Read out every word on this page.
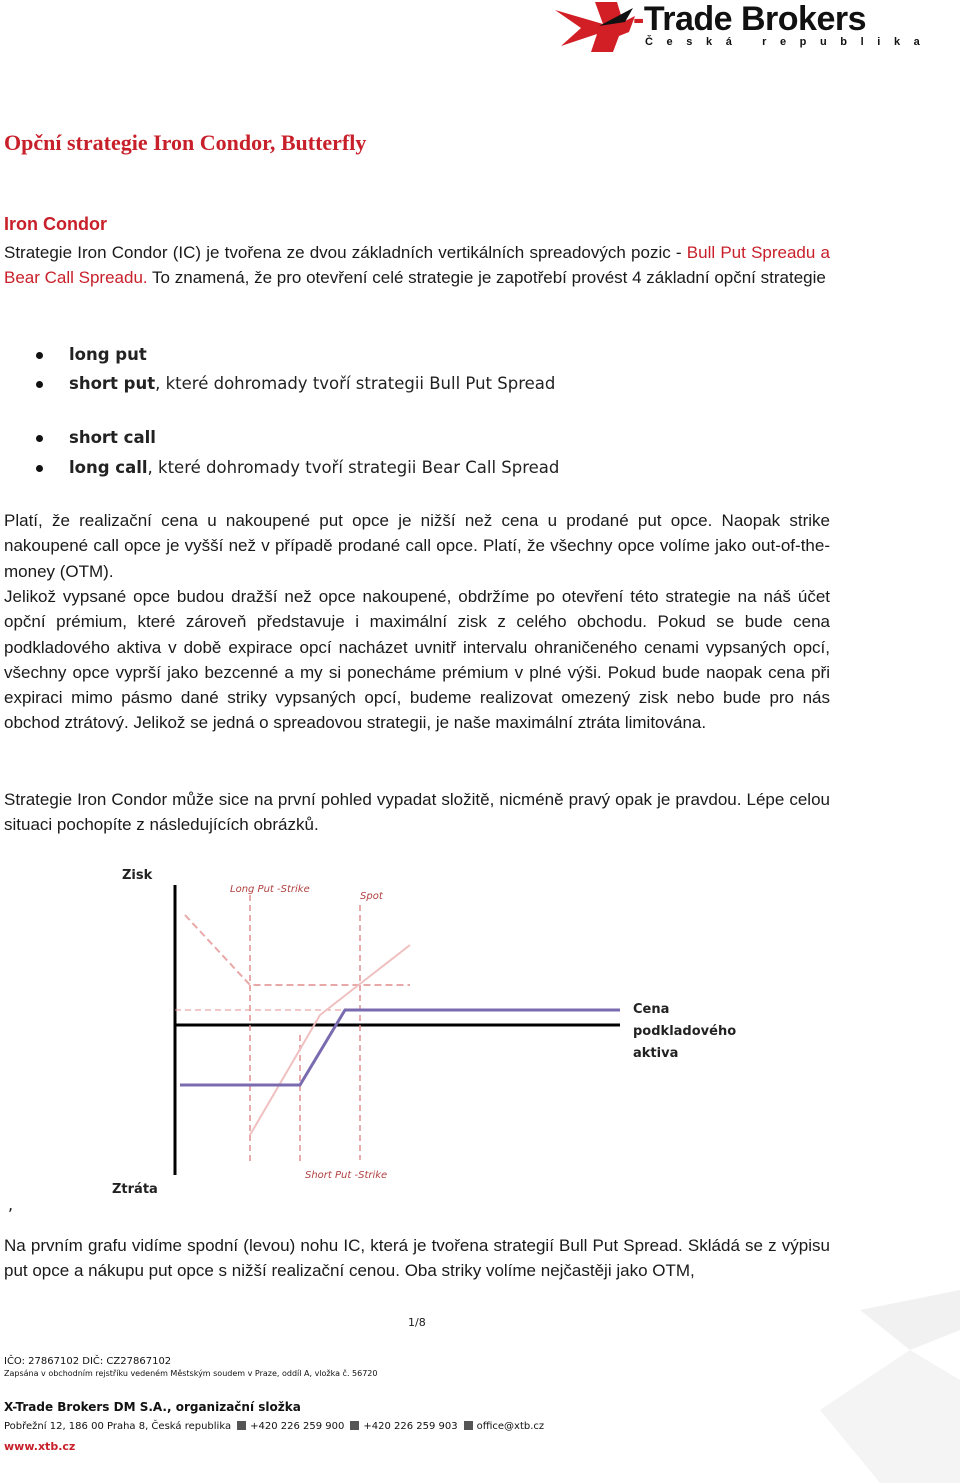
-Trade Brokers
Česká republika
Opční strategie Iron Condor, Butterfly
Iron Condor

Strategie Iron Condor (IC) je tvořena ze dvou základních vertikálních spreadových pozic - Bull Put Spreadu a Bear Call Spreadu. To znamená, že pro otevření celé strategie je zapotřebí provést 4 základní opční strategie

long put
short put, které dohromady tvoří strategii Bull Put Spread
short call
long call, které dohromady tvoří strategii Bear Call Spread

Platí, že realizační cena u nakoupené put opce je nižší než cena u prodané put opce. Naopak strike nakoupené call opce je vyšší než v případě prodané call opce. Platí, že všechny opce volíme jako out-of-the-money (OTM).

Jelikož vypsané opce budou dražší než opce nakoupené, obdržíme po otevření této strategie na náš účet opční prémium, které zároveň představuje i maximální zisk z celého obchodu. Pokud se bude cena podkladového aktiva v době expirace opcí nacházet uvnitř intervalu ohraničeného cenami vypsaných opcí, všechny opce vyprší jako bezcenné a my si ponecháme prémium v plné výši. Pokud bude naopak cena při expiraci mimo pásmo dané striky vypsaných opcí, budeme realizovat omezený zisk nebo bude pro nás obchod ztrátový. Jelikož se jedná o spreadovou strategii, je naše maximální ztráta limitována.

Strategie Iron Condor může sice na první pohled vypadat složitě, nicméně pravý opak je pravdou. Lépe celou situaci pochopíte z následujících obrázků.

Zisk
Ztráta
Long Put -Strike
Spot
Short Put -Strike
Cena
podkladového
aktiva
,

Na prvním grafu vidíme spodní (levou) nohu IC, která je tvořena strategií Bull Put Spread. Skládá se z výpisu put opce a nákupu put opce s nižší realizační cenou. Oba striky volíme nejčastěji jako OTM,

1/8
IČO: 27867102 DIČ: CZ27867102
Zapsána v obchodním rejstříku vedeném Městským soudem v Praze, oddíl A, vložka č. 56720
X-Trade Brokers DM S.A., organizační složka
Pobřežní 12, 186 00 Praha 8, Česká republika +420 226 259 900 +420 226 259 903 office@xtb.cz
www.xtb.cz
